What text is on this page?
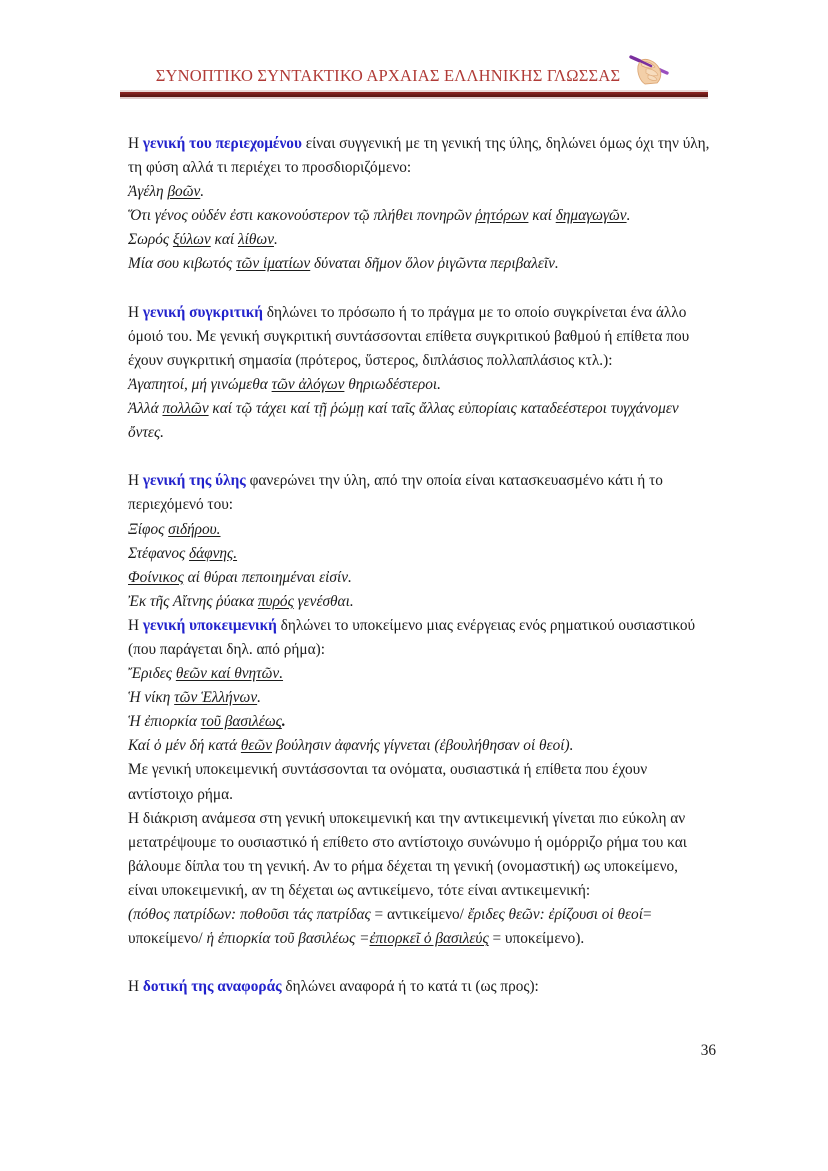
ΣΥΝΟΠΤΙΚΟ ΣΥΝΤΑΚΤΙΚΟ ΑΡΧΑΙΑΣ ΕΛΛΗΝΙΚΗΣ ΓΛΩΣΣΑΣ

Η γενική του περιεχομένου είναι συγγενική με τη γενική της ύλης, δηλώνει όμως όχι την ύλη, τη φύση αλλά τι περιέχει το προσδιοριζόμενο:

Ἀγέλη βοῶν.

Ὅτι γένος οὐδέν ἐστι κακονούστερον τῷ πλήθει πονηρῶν ῥητόρων καί δημαγωγῶν.

Σωρός ξύλων καί λίθων.

Μία σου κιβωτός τῶν ἱματίων δύναται δῆμον ὅλον ῥιγῶντα περιβαλεῖν.

Η γενική συγκριτική δηλώνει το πρόσωπο ή το πράγμα με το οποίο συγκρίνεται ένα άλλο όμοιό του. Με γενική συγκριτική συντάσσονται επίθετα συγκριτικού βαθμού ή επίθετα που έχουν συγκριτική σημασία (πρότερος, ὕστερος, διπλάσιος πολλαπλάσιος κτλ.):

Ἀγαπητοί, μή γινώμεθα τῶν ἀλόγων θηριωδέστεροι.

Ἀλλά πολλῶν καί τῷ τάχει καί τῇ ῥώμῃ καί ταῖς ἄλλας εὐπορίαις καταδεέστεροι τυγχάνομεν ὄντες.

Η γενική της ύλης φανερώνει την ύλη, από την οποία είναι κατασκευασμένο κάτι ή το περιεχόμενό του:

Ξίφος σιδήρου.

Στέφανος δάφνης.

Φοίνικος αἱ θύραι πεποιημέναι εἰσίν.

Ἐκ τῆς Αἴτνης ῥύακα πυρός γενέσθαι.

Η γενική υποκειμενική δηλώνει το υποκείμενο μιας ενέργειας ενός ρηματικού ουσιαστικού (που παράγεται δηλ. από ρήμα):

Ἔριδες θεῶν καί θνητῶν.

Ἡ νίκη τῶν Ἑλλήνων.

Ἡ ἐπιορκία τοῦ βασιλέως.

Καί ὁ μέν δή κατά θεῶν βούλησιν ἀφανής γίγνεται (ἐβουλήθησαν οἱ θεοί).

Με γενική υποκειμενική συντάσσονται τα ονόματα, ουσιαστικά ή επίθετα που έχουν αντίστοιχο ρήμα.

Η διάκριση ανάμεσα στη γενική υποκειμενική και την αντικειμενική γίνεται πιο εύκολη αν μετατρέψουμε το ουσιαστικό ή επίθετο στο αντίστοιχο συνώνυμο ή ομόρριζο ρήμα του και βάλουμε δίπλα του τη γενική. Αν το ρήμα δέχεται τη γενική (ονομαστική) ως υποκείμενο, είναι υποκειμενική, αν τη δέχεται ως αντικείμενο, τότε είναι αντικειμενική:

(πόθος πατρίδων: ποθοῦσι τάς πατρίδας = αντικείμενο/ ἔριδες θεῶν: ἐρίζουσι οἱ θεοί= υποκείμενο/ ἡ ἐπιορκία τοῦ βασιλέως =ἐπιορκεῖ ὁ βασιλεύς = υποκείμενο).

Η δοτική της αναφοράς δηλώνει αναφορά ή το κατά τι (ως προς):

36
